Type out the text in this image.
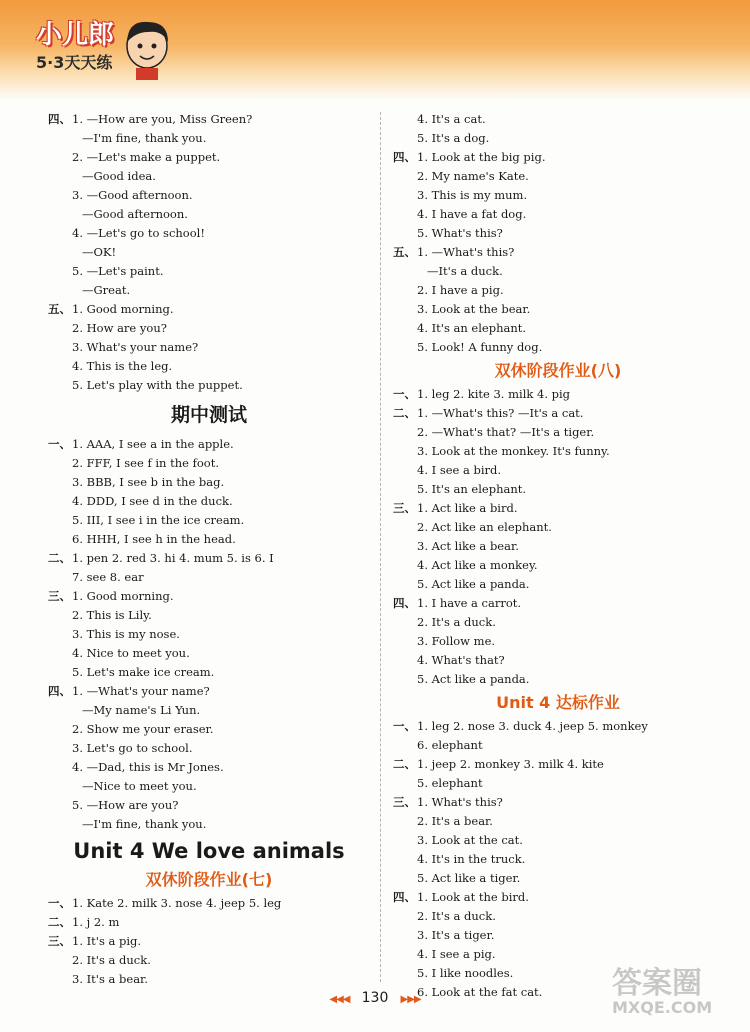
小儿郎
5·3天天练
四、1. —How are you, Miss Green?
—I'm fine, thank you.
2. —Let's make a puppet.
—Good idea.
3. —Good afternoon.
—Good afternoon.
4. —Let's go to school!
—OK!
5. —Let's paint.
—Great.
五、1. Good morning.
2. How are you?
3. What's your name?
4. This is the leg.
5. Let's play with the puppet.
期中测试
一、1. AAA, I see a in the apple.
2. FFF, I see f in the foot.
3. BBB, I see b in the bag.
4. DDD, I see d in the duck.
5. III, I see i in the ice cream.
6. HHH, I see h in the head.
二、1. pen 2. red 3. hi 4. mum 5. is 6. I
7. see 8. ear
三、1. Good morning.
2. This is Lily.
3. This is my nose.
4. Nice to meet you.
5. Let's make ice cream.
四、1. —What's your name?
—My name's Li Yun.
2. Show me your eraser.
3. Let's go to school.
4. —Dad, this is Mr Jones.
—Nice to meet you.
5. —How are you?
—I'm fine, thank you.
Unit 4 We love animals
双休阶段作业(七)
一、1. Kate 2. milk 3. nose 4. jeep 5. leg
二、1. j 2. m
三、1. It's a pig.
2. It's a duck.
3. It's a bear.
4. It's a cat.
5. It's a dog.
四、1. Look at the big pig.
2. My name's Kate.
3. This is my mum.
4. I have a fat dog.
5. What's this?
五、1. —What's this?
—It's a duck.
2. I have a pig.
3. Look at the bear.
4. It's an elephant.
5. Look! A funny dog.
双休阶段作业(八)
一、1. leg 2. kite 3. milk 4. pig
二、1. —What's this? —It's a cat.
2. —What's that? —It's a tiger.
3. Look at the monkey. It's funny.
4. I see a bird.
5. It's an elephant.
三、1. Act like a bird.
2. Act like an elephant.
3. Act like a bear.
4. Act like a monkey.
5. Act like a panda.
四、1. I have a carrot.
2. It's a duck.
3. Follow me.
4. What's that?
5. Act like a panda.
Unit 4 达标作业
一、1. leg 2. nose 3. duck 4. jeep 5. monkey
6. elephant
二、1. jeep 2. monkey 3. milk 4. kite
5. elephant
三、1. What's this?
2. It's a bear.
3. Look at the cat.
4. It's in the truck.
5. Act like a tiger.
四、1. Look at the bird.
2. It's a duck.
3. It's a tiger.
4. I see a pig.
5. I like noodles.
6. Look at the fat cat.
◀◀◀ 130 ▶▶▶	答案圈
MXQE.COM
